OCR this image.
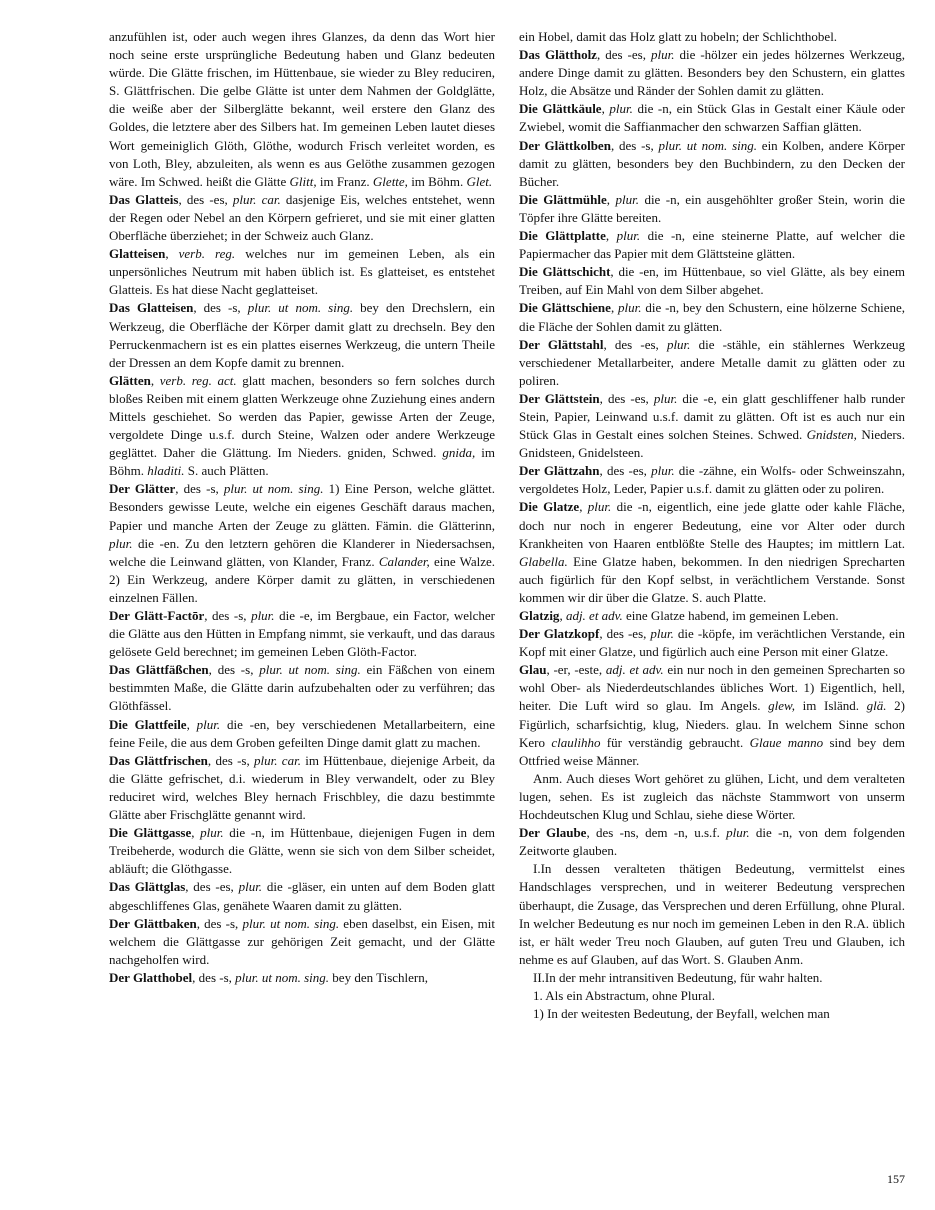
anzufühlen ist, oder auch wegen ihres Glanzes, da denn das Wort hier noch seine erste ursprüngliche Bedeutung haben und Glanz bedeuten würde. Die Glätte frischen, im Hüttenbaue, sie wieder zu Bley reduciren, S. Glättfrischen. Die gelbe Glätte ist unter dem Nahmen der Goldglätte, die weiße aber der Silberglätte bekannt, weil erstere den Glanz des Goldes, die letztere aber des Silbers hat. Im gemeinen Leben lautet dieses Wort gemeiniglich Glöth, Glöthe, wodurch Frisch verleitet worden, es von Loth, Bley, abzuleiten, als wenn es aus Gelöthe zusammen gezogen wäre. Im Schwed. heißt die Glätte Glitt, im Franz. Glette, im Böhm. Glet.

Das Glatteis, des -es, plur. car. dasjenige Eis, welches entstehet, wenn der Regen oder Nebel an den Körpern gefrieret, und sie mit einer glatten Oberfläche überziehet; in der Schweiz auch Glanz.

Glatteisen, verb. reg. welches nur im gemeinen Leben, als ein unpersönliches Neutrum mit haben üblich ist. Es glatteiset, es entstehet Glatteis. Es hat diese Nacht geglatteiset.

Das Glatteisen, des -s, plur. ut nom. sing. bey den Drechslern, ein Werkzeug, die Oberfläche der Körper damit glatt zu drechseln. Bey den Perruckenmachern ist es ein plattes eisernes Werkzeug, die untern Theile der Dressen an dem Kopfe damit zu brennen.

Glätten, verb. reg. act. glatt machen, besonders so fern solches durch bloßes Reiben mit einem glatten Werkzeuge ohne Zuziehung eines andern Mittels geschiehet. So werden das Papier, gewisse Arten der Zeuge, vergoldete Dinge u.s.f. durch Steine, Walzen oder andere Werkzeuge geglättet. Daher die Glättung. Im Nieders. gniden, Schwed. gnida, im Böhm. hladiti. S. auch Plätten.

Der Glätter, des -s, plur. ut nom. sing. 1) Eine Person, welche glättet. Besonders gewisse Leute, welche ein eigenes Geschäft daraus machen, Papier und manche Arten der Zeuge zu glätten. Fämin. die Glätterinn, plur. die -en. Zu den letztern gehören die Klanderer in Niedersachsen, welche die Leinwand glätten, von Klander, Franz. Calander, eine Walze. 2) Ein Werkzeug, andere Körper damit zu glätten, in verschiedenen einzelnen Fällen.

Der Glätt-Factōr, des -s, plur. die -e, im Bergbaue, ein Factor, welcher die Glätte aus den Hütten in Empfang nimmt, sie verkauft, und das daraus gelösete Geld berechnet; im gemeinen Leben Glöth-Factor.

Das Glättfäßchen, des -s, plur. ut nom. sing. ein Fäßchen von einem bestimmten Maße, die Glätte darin aufzubehalten oder zu verführen; das Glöthfässel.

Die Glattfeile, plur. die -en, bey verschiedenen Metallarbeitern, eine feine Feile, die aus dem Groben gefeilten Dinge damit glatt zu machen.

Das Glättfrischen, des -s, plur. car. im Hüttenbaue, diejenige Arbeit, da die Glätte gefrischet, d.i. wiederum in Bley verwandelt, oder zu Bley reduciret wird, welches Bley hernach Frischbley, die dazu bestimmte Glätte aber Frischglätte genannt wird.

Die Glättgasse, plur. die -n, im Hüttenbaue, diejenigen Fugen in dem Treibeherde, wodurch die Glätte, wenn sie sich von dem Silber scheidet, abläuft; die Glöthgasse.

Das Glättglas, des -es, plur. die -gläser, ein unten auf dem Boden glatt abgeschliffenes Glas, genähete Waaren damit zu glätten.

Der Glättbaken, des -s, plur. ut nom. sing. eben daselbst, ein Eisen, mit welchem die Glättgasse zur gehörigen Zeit gemacht, und der Glätte nachgeholfen wird.

Der Glatthobel, des -s, plur. ut nom. sing. bey den Tischlern,

ein Hobel, damit das Holz glatt zu hobeln; der Schlichthobel.

Das Glättholz, des -es, plur. die -hölzer ein jedes hölzernes Werkzeug, andere Dinge damit zu glätten. Besonders bey den Schustern, ein glattes Holz, die Absätze und Ränder der Sohlen damit zu glätten.

Die Glättkäule, plur. die -n, ein Stück Glas in Gestalt einer Käule oder Zwiebel, womit die Saffianmacher den schwarzen Saffian glätten.

Der Glättkolben, des -s, plur. ut nom. sing. ein Kolben, andere Körper damit zu glätten, besonders bey den Buchbindern, zu den Decken der Bücher.

Die Glättmühle, plur. die -n, ein ausgehöhlter großer Stein, worin die Töpfer ihre Glätte bereiten.

Die Glättplatte, plur. die -n, eine steinerne Platte, auf welcher die Papiermacher das Papier mit dem Glättsteine glätten.

Die Glättschicht, die -en, im Hüttenbaue, so viel Glätte, als bey einem Treiben, auf Ein Mahl von dem Silber abgehet.

Die Glättschiene, plur. die -n, bey den Schustern, eine hölzerne Schiene, die Fläche der Sohlen damit zu glätten.

Der Glättstahl, des -es, plur. die -stähle, ein stählernes Werkzeug verschiedener Metallarbeiter, andere Metalle damit zu glätten oder zu poliren.

Der Glättstein, des -es, plur. die -e, ein glatt geschliffener halb runder Stein, Papier, Leinwand u.s.f. damit zu glätten. Oft ist es auch nur ein Stück Glas in Gestalt eines solchen Steines. Schwed. Gnidsten, Nieders. Gnidsteen, Gnidelsteen.

Der Glättzahn, des -es, plur. die -zähne, ein Wolfs- oder Schweinszahn, vergoldetes Holz, Leder, Papier u.s.f. damit zu glätten oder zu poliren.

Die Glatze, plur. die -n, eigentlich, eine jede glatte oder kahle Fläche, doch nur noch in engerer Bedeutung, eine vor Alter oder durch Krankheiten von Haaren entblößte Stelle des Hauptes; im mittlern Lat. Glabella. Eine Glatze haben, bekommen. In den niedrigen Sprecharten auch figürlich für den Kopf selbst, in verächtlichem Verstande. Sonst kommen wir dir über die Glatze. S. auch Platte.

Glatzig, adj. et adv. eine Glatze habend, im gemeinen Leben.

Der Glatzkopf, des -es, plur. die -köpfe, im verächtlichen Verstande, ein Kopf mit einer Glatze, und figürlich auch eine Person mit einer Glatze.

Glau, -er, -este, adj. et adv. ein nur noch in den gemeinen Sprecharten so wohl Ober- als Niederdeutschlandes übliches Wort. 1) Eigentlich, hell, heiter. Die Luft wird so glau. Im Angels. glew, im Isländ. glä. 2) Figürlich, scharfsichtig, klug, Nieders. glau. In welchem Sinne schon Kero claulihho für verständig gebraucht. Glaue manno sind bey dem Ottfried weise Männer.

Anm. Auch dieses Wort gehöret zu glühen, Licht, und dem veralteten lugen, sehen. Es ist zugleich das nächste Stammwort von unserm Hochdeutschen Klug und Schlau, siehe diese Wörter.

Der Glaube, des -ns, dem -n, u.s.f. plur. die -n, von dem folgenden Zeitworte glauben.

I.In dessen veralteten thätigen Bedeutung, vermittelst eines Handschlages versprechen, und in weiterer Bedeutung versprechen überhaupt, die Zusage, das Versprechen und deren Erfüllung, ohne Plural. In welcher Bedeutung es nur noch im gemeinen Leben in den R.A. üblich ist, er hält weder Treu noch Glauben, auf guten Treu und Glauben, ich nehme es auf Glauben, auf das Wort. S. Glauben Anm.

II.In der mehr intransitiven Bedeutung, für wahr halten.

1. Als ein Abstractum, ohne Plural.

1) In der weitesten Bedeutung, der Beyfall, welchen man

157
